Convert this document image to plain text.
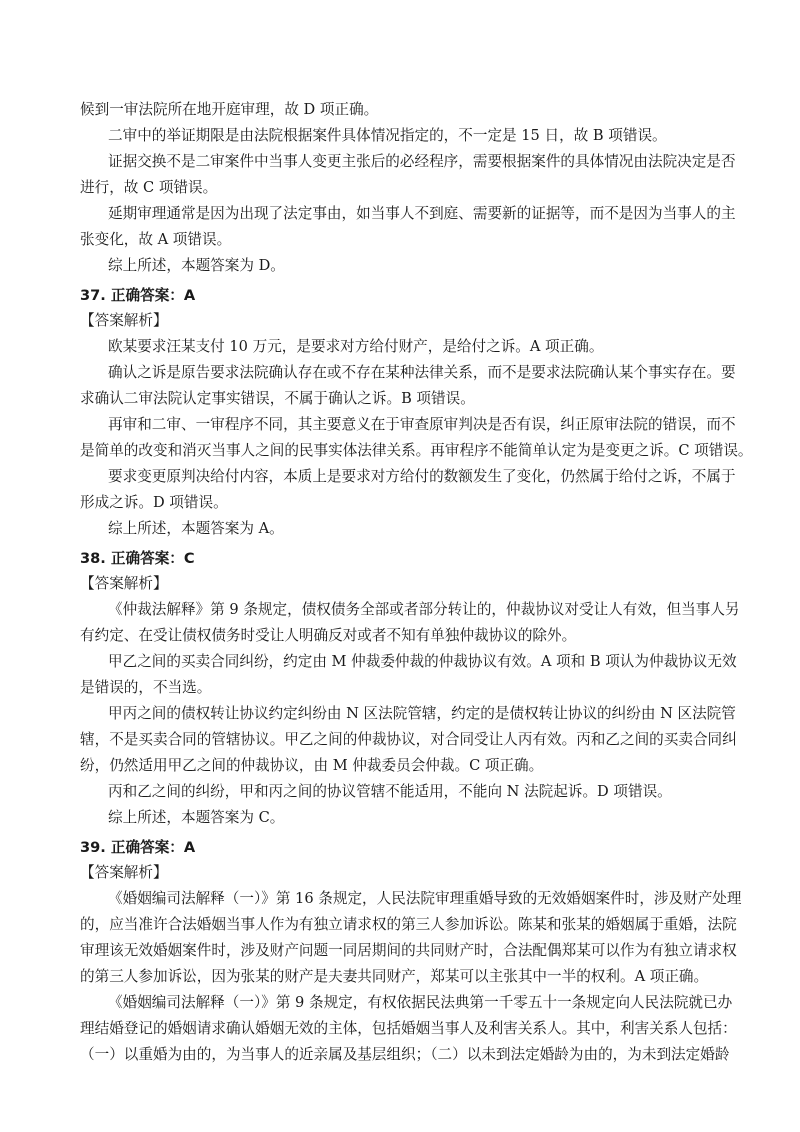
候到一审法院所在地开庭审理，故 D 项正确。
二审中的举证期限是由法院根据案件具体情况指定的，不一定是 15 日，故 B 项错误。
证据交换不是二审案件中当事人变更主张后的必经程序，需要根据案件的具体情况由法院决定是否
进行，故 C 项错误。
延期审理通常是因为出现了法定事由，如当事人不到庭、需要新的证据等，而不是因为当事人的主
张变化，故 A 项错误。
综上所述，本题答案为 D。
37. 正确答案：A
【答案解析】
欧某要求汪某支付 10 万元，是要求对方给付财产，是给付之诉。A 项正确。
确认之诉是原告要求法院确认存在或不存在某种法律关系，而不是要求法院确认某个事实存在。要
求确认二审法院认定事实错误，不属于确认之诉。B 项错误。
再审和二审、一审程序不同，其主要意义在于审查原审判决是否有误，纠正原审法院的错误，而不
是简单的改变和消灭当事人之间的民事实体法律关系。再审程序不能简单认定为是变更之诉。C 项错误。
要求变更原判决给付内容，本质上是要求对方给付的数额发生了变化，仍然属于给付之诉，不属于
形成之诉。D 项错误。
综上所述，本题答案为 A。
38. 正确答案：C
【答案解析】
《仲裁法解释》第 9 条规定，债权债务全部或者部分转让的，仲裁协议对受让人有效，但当事人另
有约定、在受让债权债务时受让人明确反对或者不知有单独仲裁协议的除外。
甲乙之间的买卖合同纠纷，约定由 M 仲裁委仲裁的仲裁协议有效。A 项和 B 项认为仲裁协议无效
是错误的，不当选。
甲丙之间的债权转让协议约定纠纷由 N 区法院管辖，约定的是债权转让协议的纠纷由 N 区法院管
辖，不是买卖合同的管辖协议。甲乙之间的仲裁协议，对合同受让人丙有效。丙和乙之间的买卖合同纠
纷，仍然适用甲乙之间的仲裁协议，由 M 仲裁委员会仲裁。C 项正确。
丙和乙之间的纠纷，甲和丙之间的协议管辖不能适用，不能向 N 法院起诉。D 项错误。
综上所述，本题答案为 C。
39. 正确答案：A
【答案解析】
《婚姻编司法解释（一）》第 16 条规定，人民法院审理重婚导致的无效婚姻案件时，涉及财产处理
的，应当准许合法婚姻当事人作为有独立请求权的第三人参加诉讼。陈某和张某的婚姻属于重婚，法院
审理该无效婚姻案件时，涉及财产问题一同居期间的共同财产时，合法配偶郑某可以作为有独立请求权
的第三人参加诉讼，因为张某的财产是夫妻共同财产，郑某可以主张其中一半的权利。A 项正确。
《婚姻编司法解释（一）》第 9 条规定，有权依据民法典第一千零五十一条规定向人民法院就已办
理结婚登记的婚姻请求确认婚姻无效的主体，包括婚姻当事人及利害关系人。其中，利害关系人包括：
（一）以重婚为由的，为当事人的近亲属及基层组织；（二）以未到法定婚龄为由的，为未到法定婚龄
